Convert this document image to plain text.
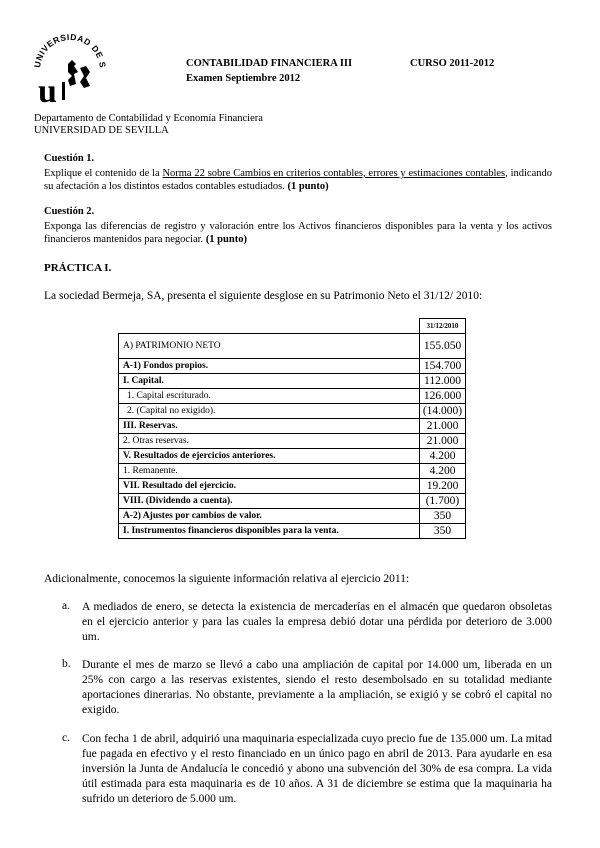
UNIVERSIDAD DE S
u
CONTABILIDAD FINANCIERA III	CURSO 2011-2012
Examen Septiembre 2012
Departamento de Contabilidad y Economía Financiera
UNIVERSIDAD DE SEVILLA
Cuestión 1.
Explique el contenido de la Norma 22 sobre Cambios en criterios contables, errores y estimaciones contables, indicando su afectación a los distintos estados contables estudiados. (1 punto)
Cuestión 2.
Exponga las diferencias de registro y valoración entre los Activos financieros disponibles para la venta y los activos financieros mantenidos para negociar. (1 punto)
PRÁCTICA I.
La sociedad Bermeja, SA, presenta el siguiente desglose en su Patrimonio Neto el 31/12/ 2010:
	31/12/2010
A) PATRIMONIO NETO	155.050
A-1) Fondos propios.	154.700
I. Capital.	112.000
1. Capital escriturado.	126.000
2. (Capital no exigido).	(14.000)
III. Reservas.	21.000
2. Otras reservas.	21.000
V. Resultados de ejercicios anteriores.	4.200
1. Remanente.	4.200
VII. Resultado del ejercicio.	19.200
VIII. (Dividendo a cuenta).	(1.700)
A-2) Ajustes por cambios de valor.	350
I. Instrumentos financieros disponibles para la venta.	350
Adicionalmente, conocemos la siguiente información relativa al ejercicio 2011:
a. A mediados de enero, se detecta la existencia de mercaderías en el almacén que quedaron obsoletas en el ejercicio anterior y para las cuales la empresa debió dotar una pérdida por deterioro de 3.000 um.
b. Durante el mes de marzo se llevó a cabo una ampliación de capital por 14.000 um, liberada en un 25% con cargo a las reservas existentes, siendo el resto desembolsado en su totalidad mediante aportaciones dinerarias. No obstante, previamente a la ampliación, se exigió y se cobró el capital no exigido.
c. Con fecha 1 de abril, adquirió una maquinaria especializada cuyo precio fue de 135.000 um. La mitad fue pagada en efectivo y el resto financiado en un único pago en abril de 2013. Para ayudarle en esa inversión la Junta de Andalucía le concedió y abono una subvención del 30% de esa compra. La vida útil estimada para esta maquinaria es de 10 años. A 31 de diciembre se estima que la maquinaria ha sufrido un deterioro de 5.000 um.
